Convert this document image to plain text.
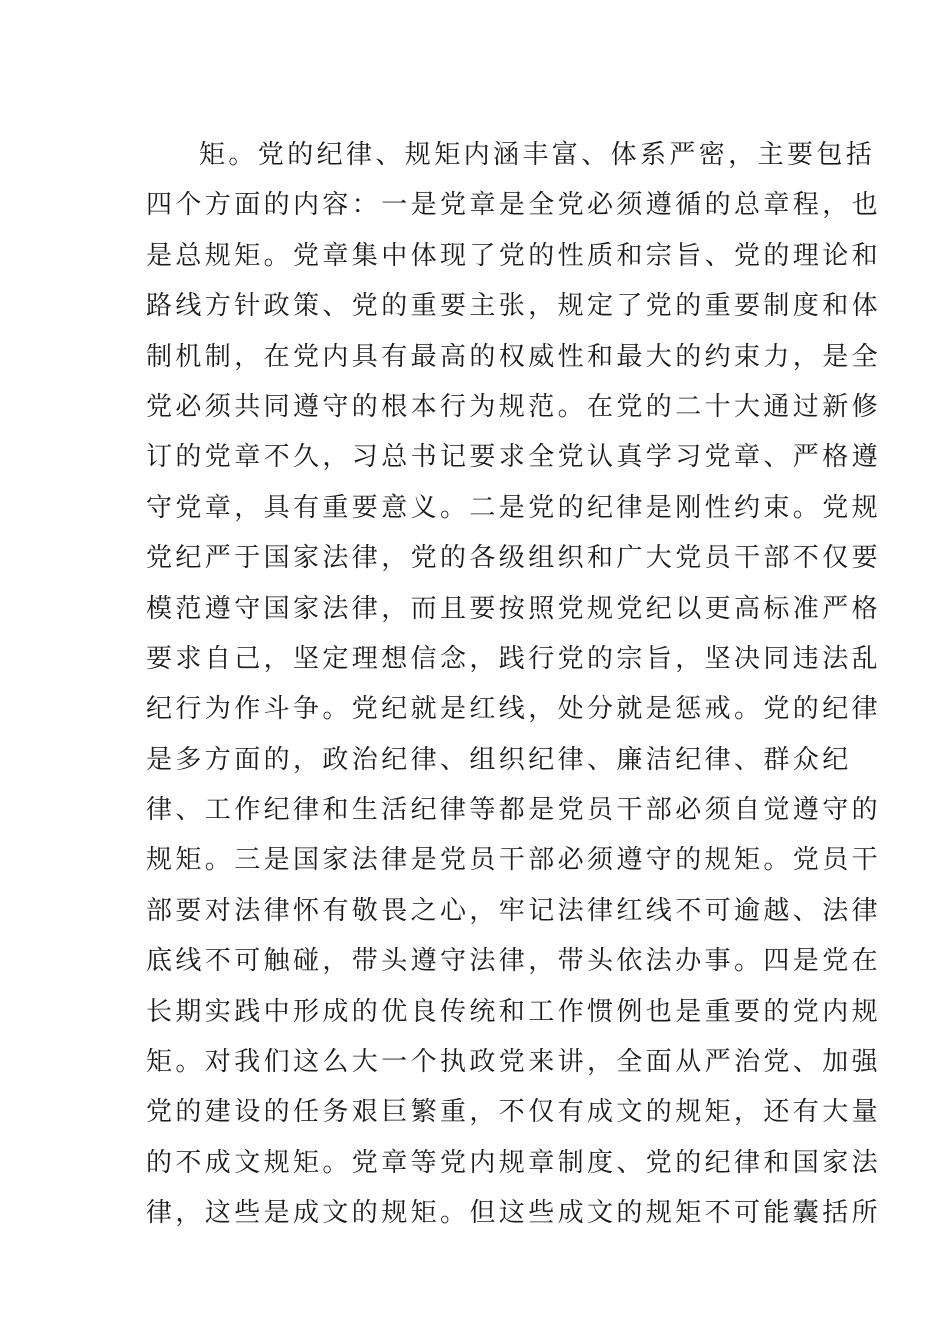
矩。党的纪律、规矩内涵丰富、体系严密，主要包括
四个方面的内容：一是党章是全党必须遵循的总章程，也
是总规矩。党章集中体现了党的性质和宗旨、党的理论和
路线方针政策、党的重要主张，规定了党的重要制度和体
制机制，在党内具有最高的权威性和最大的约束力，是全
党必须共同遵守的根本行为规范。在党的二十大通过新修
订的党章不久，习总书记要求全党认真学习党章、严格遵
守党章，具有重要意义。二是党的纪律是刚性约束。党规
党纪严于国家法律，党的各级组织和广大党员干部不仅要
模范遵守国家法律，而且要按照党规党纪以更高标准严格
要求自己，坚定理想信念，践行党的宗旨，坚决同违法乱
纪行为作斗争。党纪就是红线，处分就是惩戒。党的纪律
是多方面的，政治纪律、组织纪律、廉洁纪律、群众纪
律、工作纪律和生活纪律等都是党员干部必须自觉遵守的
规矩。三是国家法律是党员干部必须遵守的规矩。党员干
部要对法律怀有敬畏之心，牢记法律红线不可逾越、法律
底线不可触碰，带头遵守法律，带头依法办事。四是党在
长期实践中形成的优良传统和工作惯例也是重要的党内规
矩。对我们这么大一个执政党来讲，全面从严治党、加强
党的建设的任务艰巨繁重，不仅有成文的规矩，还有大量
的不成文规矩。党章等党内规章制度、党的纪律和国家法
律，这些是成文的规矩。但这些成文的规矩不可能囊括所
